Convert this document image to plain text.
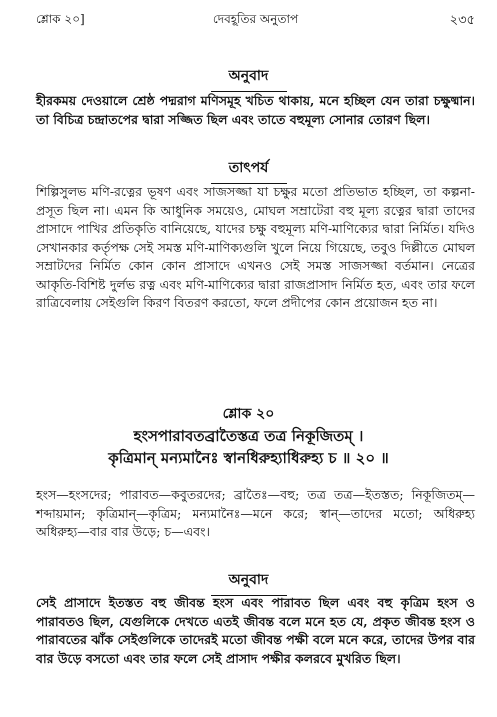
শ্লোক ২০]	দেবহূতির অনুতাপ	২৩৫
অনুবাদ

হীরকময় দেওয়ালে শ্রেষ্ঠ পদ্মরাগ মণিসমূহ খচিত থাকায়, মনে হচ্ছিল যেন তারা চক্ষুষ্মান। তা বিচিত্র চন্দ্রাতপের দ্বারা সজ্জিত ছিল এবং তাতে বহুমূল্য সোনার তোরণ ছিল।

তাৎপর্য

শিল্পিসুলভ মণি-রত্নের ভূষণ এবং সাজসজ্জা যা চক্ষুর মতো প্রতিভাত হচ্ছিল, তা কল্পনা-প্রসূত ছিল না। এমন কি আধুনিক সময়েও, মোঘল সম্রাটেরা বহু মূল্য রত্নের দ্বারা তাদের প্রাসাদে পাখির প্রতিকৃতি বানিয়েছে, যাদের চক্ষু বহুমূল্য মণি-মাণিক্যের দ্বারা নির্মিত। যদিও সেখানকার কর্তৃপক্ষ সেই সমস্ত মণি-মাণিক্যগুলি খুলে নিয়ে গিয়েছে, তবুও দিল্লীতে মোঘল সম্রাটদের নির্মিত কোন কোন প্রাসাদে এখনও সেই সমস্ত সাজসজ্জা বর্তমান। নেত্রের আকৃতি-বিশিষ্ট দুর্লভ রত্ন এবং মণি-মাণিক্যের দ্বারা রাজপ্রাসাদ নির্মিত হত, এবং তার ফলে রাত্রিবেলায় সেইগুলি কিরণ বিতরণ করতো, ফলে প্রদীপের কোন প্রয়োজন হত না।

শ্লোক ২০
হংসপারাবতব্রাতৈস্তত্র তত্র নিকূজিতম্ ।
কৃত্রিমান্ মন্যমানৈঃ স্বানধিরুহ্যাধিরুহ্য চ ॥ ২০ ॥

হংস—হংসদের; পারাবত—কবুতরদের; ব্রাতৈঃ—বহু; তত্র তত্র—ইতস্তত; নিকূজিতম্—শব্দায়মান; কৃত্রিমান্—কৃত্রিম; মন্যমানৈঃ—মনে করে; স্বান্—তাদের মতো; অধিরুহ্য অধিরুহ্য—বার বার উড়ে; চ—এবং।

অনুবাদ

সেই প্রাসাদে ইতস্তত বহু জীবন্ত হংস এবং পারাবত ছিল এবং বহু কৃত্রিম হংস ও পারাবতও ছিল, যেগুলিকে দেখতে এতই জীবন্ত বলে মনে হত যে, প্রকৃত জীবন্ত হংস ও পারাবতের ঝাঁক সেইগুলিকে তাদেরই মতো জীবন্ত পক্ষী বলে মনে করে, তাদের উপর বার বার উড়ে বসতো এবং তার ফলে সেই প্রাসাদ পক্ষীর কলরবে মুখরিত ছিল।
